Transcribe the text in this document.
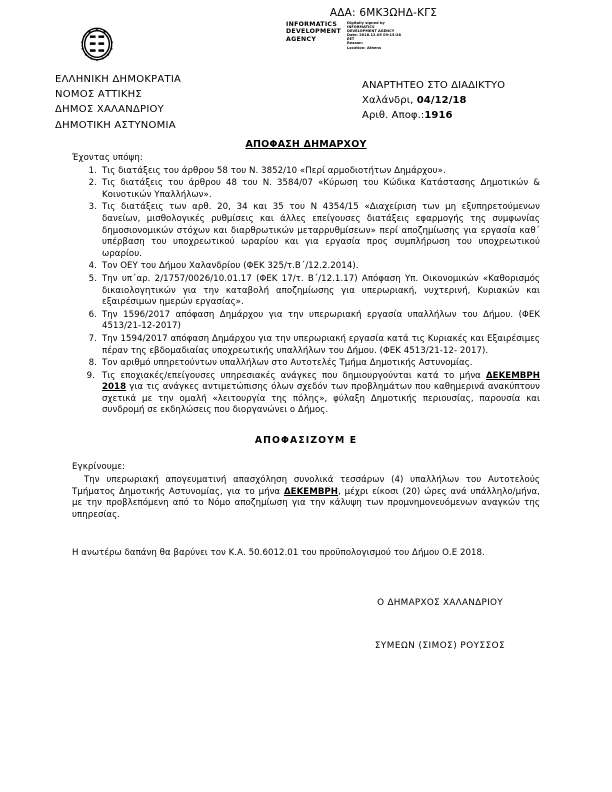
ΑΔΑ: 6ΜΚ3ΩΗΔ-ΚΓΣ
INFORMATICS DEVELOPMENT AGENCY
Digitally signed by
INFORMATICS
DEVELOPMENT AGENCY
Date: 2018.12.05 09:15:28
EET
Reason:
Location: Athens
ΕΛΛΗΝΙΚΗ ΔΗΜΟΚΡΑΤΙΑ
ΝΟΜΟΣ ΑΤΤΙΚΗΣ
ΔΗΜΟΣ ΧΑΛΑΝΔΡΙΟΥ
ΔΗΜΟΤΙΚΗ ΑΣΤΥΝΟΜΙΑ
ΑΝΑΡΤΗΤΕΟ ΣΤΟ ΔΙΑΔΙΚΤΥΟ
Χαλάνδρι, 04/12/18
Αριθ. Αποφ.:1916
ΑΠΟΦΑΣΗ ΔΗΜΑΡΧΟΥ
Έχοντας υπόψη:
Τις διατάξεις του άρθρου 58 του Ν. 3852/10 «Περί αρμοδιοτήτων Δημάρχου».
Τις διατάξεις του άρθρου 48 του Ν. 3584/07 «Κύρωση του Κώδικα Κατάστασης Δημοτικών & Κοινοτικών Υπαλλήλων».
Τις διατάξεις των αρθ. 20, 34 και 35 του Ν 4354/15 «Διαχείριση των μη εξυπηρετούμενων δανείων, μισθολογικές ρυθμίσεις και άλλες επείγουσες διατάξεις εφαρμογής της συμφωνίας δημοσιονομικών στόχων και διαρθρωτικών μεταρρυθμίσεων» περί αποζημίωσης για εργασία καθ´ υπέρβαση του υποχρεωτικού ωραρίου και για εργασία προς συμπλήρωση του υποχρεωτικού ωραρίου.
Τον ΟΕΥ του Δήμου Χαλανδρίου (ΦΕΚ 325/τ.Β´/12.2.2014).
Την υπ´αρ. 2/1757/0026/10.01.17 (ΦΕΚ 17/τ. Β´/12.1.17) Απόφαση Υπ. Οικονομικών «Καθορισμός δικαιολογητικών για την καταβολή αποζημίωσης για υπερωριακή, νυχτερινή, Κυριακών και εξαιρέσιμων ημερών εργασίας».
Την 1596/2017 απόφαση Δημάρχου για την υπερωριακή εργασία υπαλλήλων του Δήμου. (ΦΕΚ 4513/21-12-2017)
Την 1594/2017 απόφαση Δημάρχου για την υπερωριακή εργασία κατά τις Κυριακές και Εξαιρέσιμες πέραν της εβδομαδιαίας υποχρεωτικής υπαλλήλων του Δήμου. (ΦΕΚ 4513/21-12- 2017).
Τον αριθμό υπηρετούντων υπαλλήλων στο Αυτοτελές Τμήμα Δημοτικής Αστυνομίας.
Τις εποχιακές/επείγουσες υπηρεσιακές ανάγκες που δημιουργούνται κατά το μήνα ΔΕΚΕΜΒΡΗ 2018 για τις ανάγκες αντιμετώπισης όλων σχεδόν των προβλημάτων που καθημερινά ανακύπτουν σχετικά με την ομαλή «λειτουργία της πόλης», φύλαξη Δημοτικής περιουσίας, παρουσία και συνδρομή σε εκδηλώσεις που διοργανώνει ο Δήμος.
ΑΠΟΦΑΣΙΖΟΥΜ Ε
Εγκρίνουμε:
Την υπερωριακή απογευματινή απασχόληση συνολικά τεσσάρων (4) υπαλλήλων του Αυτοτελούς Τμήματος Δημοτικής Αστυνομίας, για το μήνα ΔΕΚΕΜΒΡΗ, μέχρι είκοσι (20) ώρες ανά υπάλληλο/μήνα, με την προβλεπόμενη από το Νόμο αποζημίωση για την κάλυψη των προμνημονευόμενων αναγκών της υπηρεσίας.
Η ανωτέρω δαπάνη θα βαρύνει τον Κ.Α. 50.6012.01 του προϋπολογισμού του Δήμου Ο.Ε 2018.
Ο ΔΗΜΑΡΧΟΣ ΧΑΛΑΝΔΡΙΟΥ
ΣΥΜΕΩΝ (ΣΙΜΟΣ) ΡΟΥΣΣΟΣ
